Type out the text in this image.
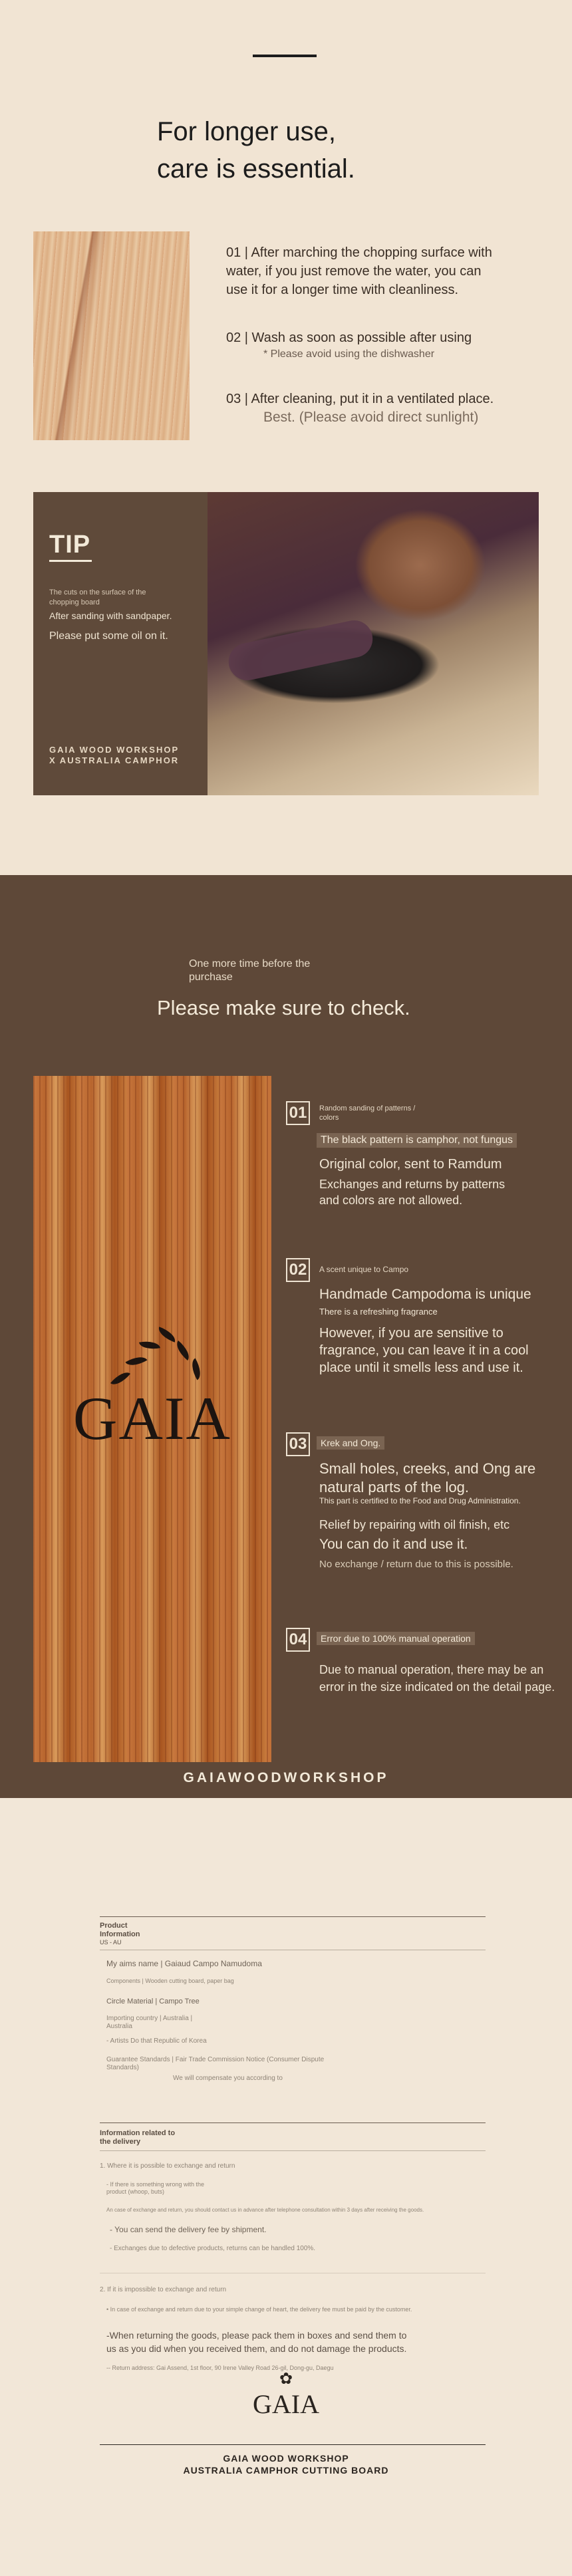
For longer use,
care is essential.
01 | After marching the chopping surface with
water, if you just remove the water, you can
use it for a longer time with cleanliness.
02 | Wash as soon as possible after using
* Please avoid using the dishwasher
03 | After cleaning, put it in a ventilated place.
Best. (Please avoid direct sunlight)
TIP
The cuts on the surface of the chopping board
After sanding with sandpaper.
Please put some oil on it.
GAIA WOOD WORKSHOP
X AUSTRALIA CAMPHOR
One more time before the
purchase
Please make sure to check.
GAIA
01	Random sanding of patterns / colors
The black pattern is camphor, not fungus
Original color, sent to Ramdum
Exchanges and returns by patterns
and colors are not allowed.
02	A scent unique to Campo
Handmade Campodoma is unique
There is a refreshing fragrance
However, if you are sensitive to
fragrance, you can leave it in a cool
place until it smells less and use it.
03	Krek and Ong.
Small holes, creeks, and Ong are
natural parts of the log.
This part is certified to the Food and Drug Administration.
Relief by repairing with oil finish, etc
You can do it and use it.
No exchange / return due to this is possible.
04	Error due to 100% manual operation
Due to manual operation, there may be an
error in the size indicated on the detail page.
GAIAWOODWORKSHOP
Product Information
US - AU
My aims name | Gaiaud Campo Namudoma
Components | Wooden cutting board, paper bag
Circle Material | Campo Tree
Importing country | Australia | Australia
- Artists Do that Republic of Korea
Guarantee Standards | Fair Trade Commission Notice (Consumer Dispute Standards)
We will compensate you according to
Information related to the delivery
1. Where it is possible to exchange and return
- If there is something wrong with the product (whoop, buts)
An case of exchange and return, you should contact us in advance after telephone consultation within 3 days after receiving the goods.
- You can send the delivery fee by shipment.
- Exchanges due to defective products, returns can be handled 100%.
2. If it is impossible to exchange and return
• In case of exchange and return due to your simple change of heart, the delivery fee must be paid by the customer.
-When returning the goods, please pack them in boxes and send them to
us as you did when you received them, and do not damage the products.
-- Return address: Gai Assend, 1st floor, 90 Irene Valley Road 26-gil, Dong-gu, Daegu
✿
GAIA
GAIA WOOD WORKSHOP
AUSTRALIA CAMPHOR CUTTING BOARD
